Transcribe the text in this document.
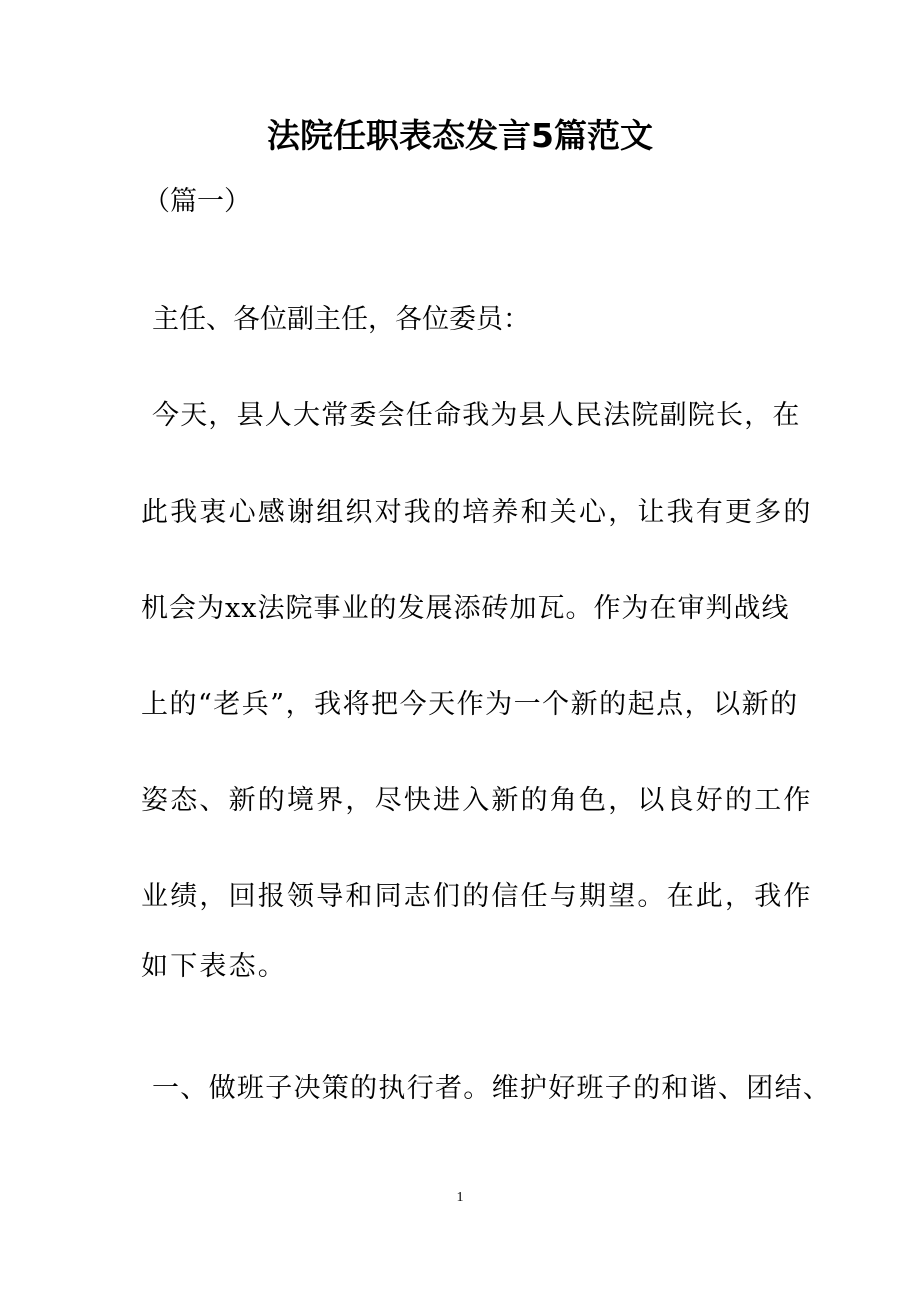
法院任职表态发言5篇范文
（篇一）
主任、各位副主任，各位委员：
今天，县人大常委会任命我为县人民法院副院长，在
此我衷心感谢组织对我的培养和关心，让我有更多的
机会为xx法院事业的发展添砖加瓦。作为在审判战线
上的“老兵”，我将把今天作为一个新的起点，以新的
姿态、新的境界，尽快进入新的角色，以良好的工作
业绩，回报领导和同志们的信任与期望。在此，我作
如下表态。
一、做班子决策的执行者。维护好班子的和谐、团结、
1
